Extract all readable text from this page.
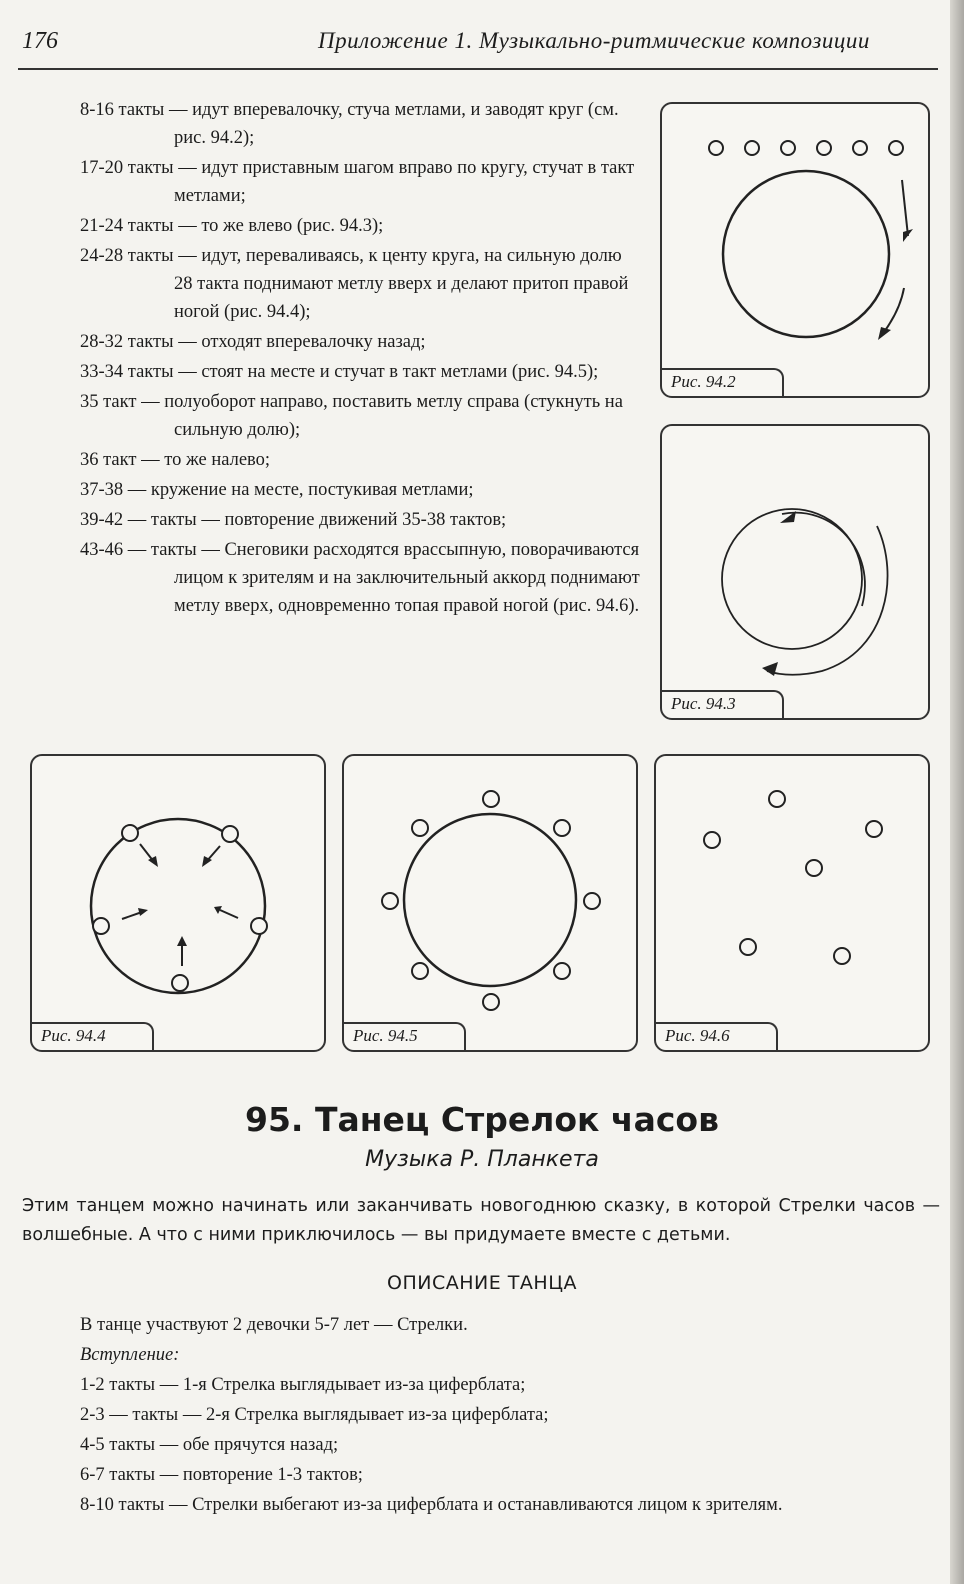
176	Приложение 1. Музыкально-ритмические композиции
8-16 такты — идут вперевалочку, стуча метлами, и заводят круг (см. рис. 94.2);
17-20 такты — идут приставным шагом вправо по кругу, стучат в такт метлами;
21-24 такты — то же влево (рис. 94.3);
24-28 такты — идут, переваливаясь, к центу круга, на сильную долю 28 такта поднимают метлу вверх и делают притоп правой ногой (рис. 94.4);
28-32 такты — отходят вперевалочку назад;
33-34 такты — стоят на месте и стучат в такт метлами (рис. 94.5);
35 такт — полуоборот направо, поставить метлу справа (стукнуть на сильную долю);
36 такт — то же налево;
37-38 — кружение на месте, постукивая метлами;
39-42 — такты — повторение движений 35-38 тактов;
43-46 — такты — Снеговики расходятся врассыпную, поворачиваются лицом к зрителям и на заключительный аккорд поднимают метлу вверх, одновременно топая правой ногой (рис. 94.6).
Рис. 94.2
Рис. 94.3
Рис. 94.4	Рис. 94.5	Рис. 94.6
95. Танец Стрелок часов
Музыка Р. Планкета
Этим танцем можно начинать или заканчивать новогоднюю сказку, в которой Стрелки часов — волшебные. А что с ними приключилось — вы придумаете вместе с детьми.
ОПИСАНИЕ ТАНЦА
В танце участвуют 2 девочки 5-7 лет — Стрелки.
Вступление:
1-2 такты — 1-я Стрелка выглядывает из-за циферблата;
2-3 — такты — 2-я Стрелка выглядывает из-за циферблата;
4-5 такты — обе прячутся назад;
6-7 такты — повторение 1-3 тактов;
8-10 такты — Стрелки выбегают из-за циферблата и останавливаются лицом к зрителям.
